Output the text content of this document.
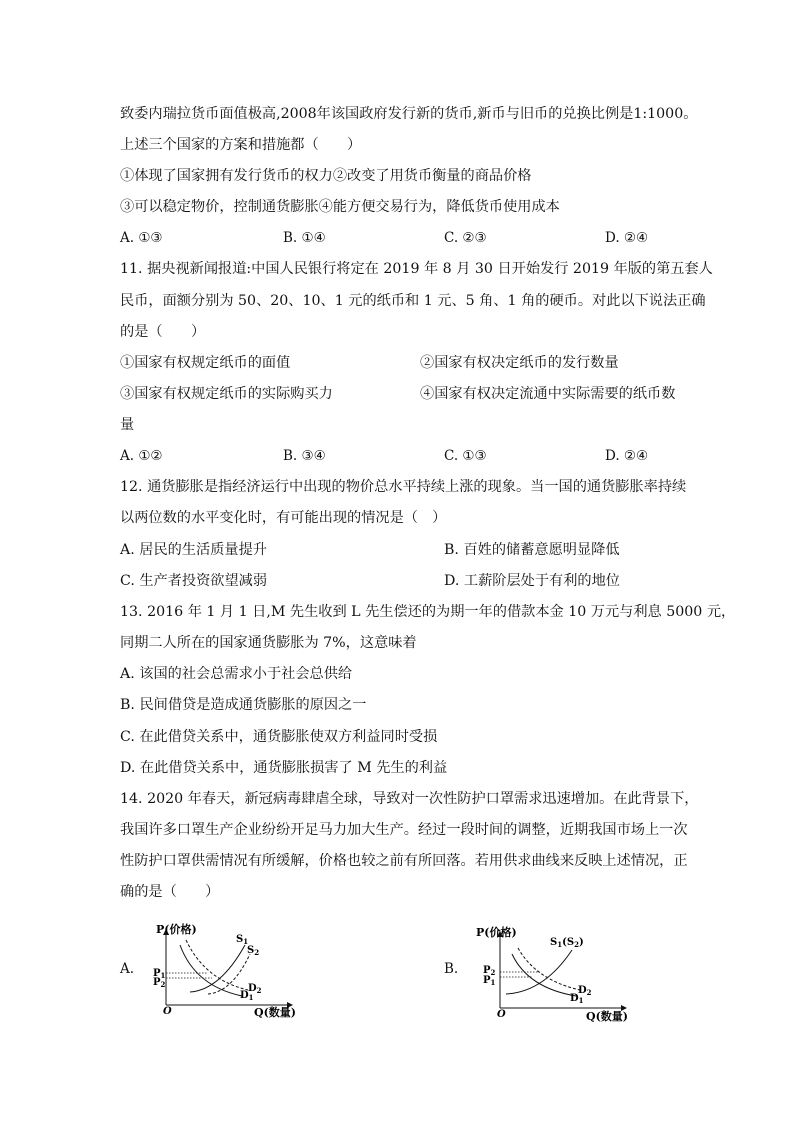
致委内瑞拉货币面值极高,2008年该国政府发行新的货币,新币与旧币的兑换比例是1:1000。
上述三个国家的方案和措施都（　　）
①体现了国家拥有发行货币的权力②改变了用货币衡量的商品价格
③可以稳定物价，控制通货膨胀④能方便交易行为，降低货币使用成本
A. ①③	B. ①④	C. ②③	D. ②④
11. 据央视新闻报道:中国人民银行将定在 2019 年 8 月 30 日开始发行 2019 年版的第五套人
民币，面额分别为 50、20、10、1 元的纸币和 1 元、5 角、1 角的硬币。对此以下说法正确
的是（　　）
①国家有权规定纸币的面值	②国家有权决定纸币的发行数量
③国家有权规定纸币的实际购买力	④国家有权决定流通中实际需要的纸币数
量
A. ①②	B. ③④	C. ①③	D. ②④
12. 通货膨胀是指经济运行中出现的物价总水平持续上涨的现象。当一国的通货膨胀率持续
以两位数的水平变化时，有可能出现的情况是（　）
A. 居民的生活质量提升	B. 百姓的储蓄意愿明显降低
C. 生产者投资欲望减弱	D. 工薪阶层处于有利的地位
13. 2016 年 1 月 1 日,M 先生收到 L 先生偿还的为期一年的借款本金 10 万元与利息 5000 元，
同期二人所在的国家通货膨胀为 7%，这意味着
A. 该国的社会总需求小于社会总供给
B. 民间借贷是造成通货膨胀的原因之一
C. 在此借贷关系中，通货膨胀使双方利益同时受损
D. 在此借贷关系中，通货膨胀损害了 M 先生的利益
14. 2020 年春天，新冠病毒肆虐全球，导致对一次性防护口罩需求迅速增加。在此背景下，
我国许多口罩生产企业纷纷开足马力加大生产。经过一段时间的调整，近期我国市场上一次
性防护口罩供需情况有所缓解，价格也较之前有所回落。若用供求曲线来反映上述情况，正
确的是（　　）
A.
P(价格)
Q(数量)
O
$P_1$
$P_2$
$S_1$
$S_2$
$D_2$
$D_1$
B.
P(价格)
Q(数量)
O
$P_2$
$P_1$
$S_1(S_2)$
$D_2$
$D_1$
